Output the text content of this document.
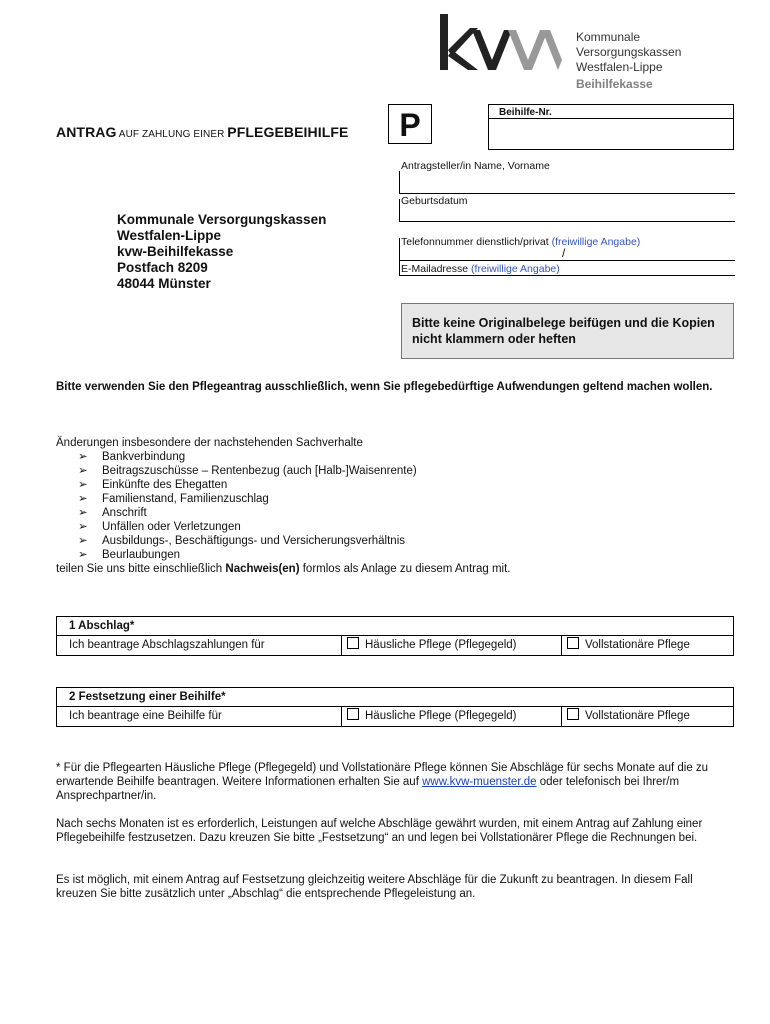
Kommunale
Versorgungskassen
Westfalen-Lippe
Beihilfekasse
ANTRAG AUF ZAHLUNG EINER PFLEGEBEIHILFE	P	Beihilfe-Nr.
Antragsteller/in Name, Vorname
Geburtsdatum
Telefonnummer dienstlich/privat (freiwillige Angabe)
/
E-Mailadresse (freiwillige Angabe)
Kommunale Versorgungskassen
Westfalen-Lippe
kvw-Beihilfekasse
Postfach 8209
48044 Münster
Bitte keine Originalbelege beifügen und die Kopien nicht klammern oder heften
Bitte verwenden Sie den Pflegeantrag ausschließlich, wenn Sie pflegebedürftige Aufwendungen geltend machen wollen.
Änderungen insbesondere der nachstehenden Sachverhalte
➢ Bankverbindung
➢ Beitragszuschüsse – Rentenbezug (auch [Halb-]Waisenrente)
➢ Einkünfte des Ehegatten
➢ Familienstand, Familienzuschlag
➢ Anschrift
➢ Unfällen oder Verletzungen
➢ Ausbildungs-, Beschäftigungs- und Versicherungsverhältnis
➢ Beurlaubungen
teilen Sie uns bitte einschließlich Nachweis(en) formlos als Anlage zu diesem Antrag mit.
1 Abschlag*
Ich beantrage Abschlagszahlungen für	Häusliche Pflege (Pflegegeld)	Vollstationäre Pflege
2 Festsetzung einer Beihilfe*
Ich beantrage eine Beihilfe für	Häusliche Pflege (Pflegegeld)	Vollstationäre Pflege
* Für die Pflegearten Häusliche Pflege (Pflegegeld) und Vollstationäre Pflege können Sie Abschläge für sechs Monate auf die zu erwartende Beihilfe beantragen. Weitere Informationen erhalten Sie auf www.kvw-muenster.de oder telefonisch bei Ihrer/m Ansprechpartner/in.
Nach sechs Monaten ist es erforderlich, Leistungen auf welche Abschläge gewährt wurden, mit einem Antrag auf Zahlung einer Pflegebeihilfe festzusetzen. Dazu kreuzen Sie bitte „Festsetzung“ an und legen bei Vollstationärer Pflege die Rechnungen bei.
Es ist möglich, mit einem Antrag auf Festsetzung gleichzeitig weitere Abschläge für die Zukunft zu beantragen. In diesem Fall kreuzen Sie bitte zusätzlich unter „Abschlag“ die entsprechende Pflegeleistung an.
